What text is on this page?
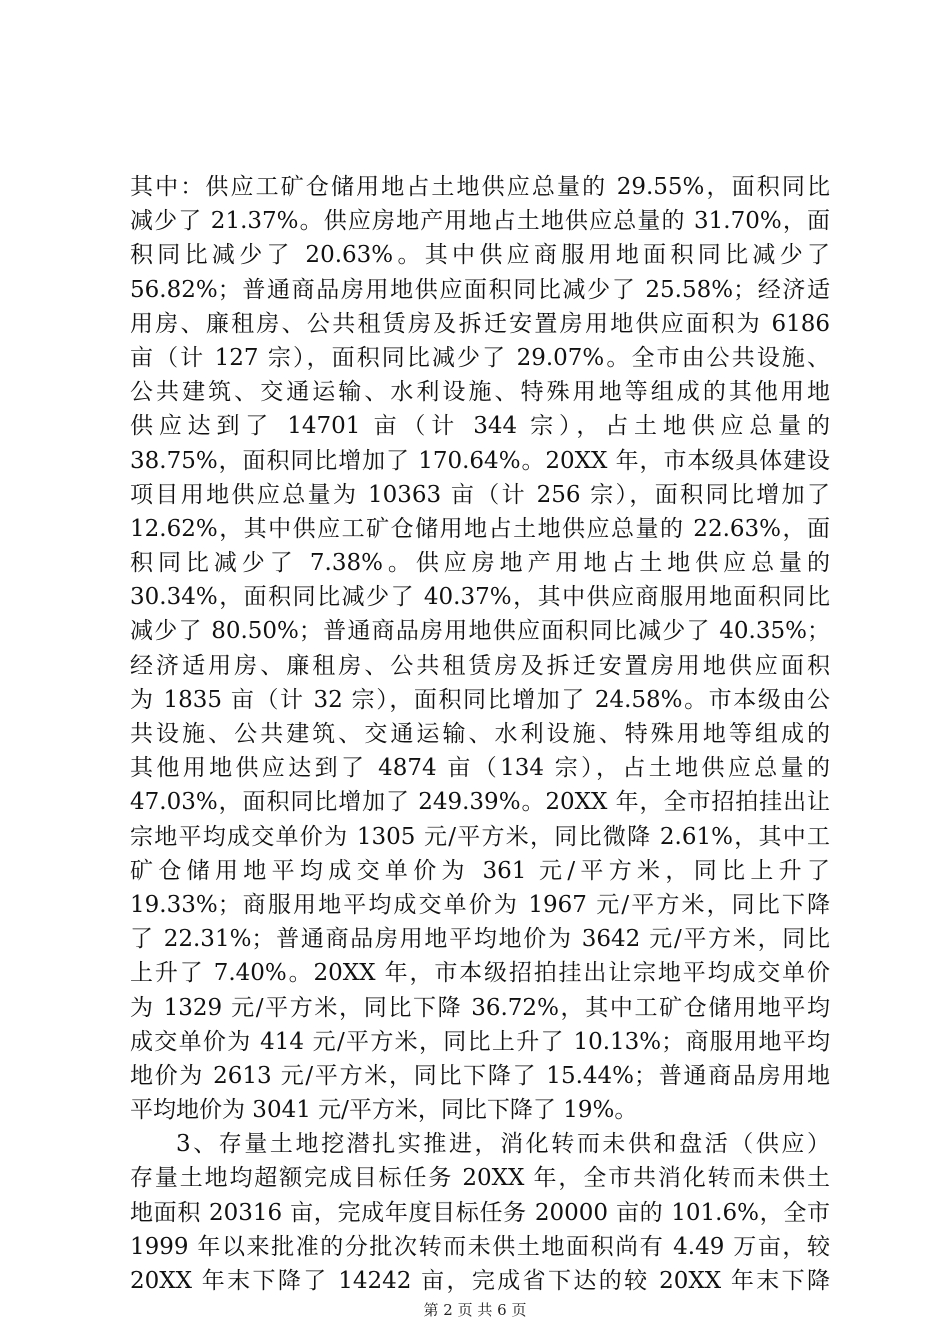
其中：供应工矿仓储用地占土地供应总量的 29.55%，面积同比
减少了 21.37%。供应房地产用地占土地供应总量的 31.70%，面
积同比减少了 20.63%。其中供应商服用地面积同比减少了
56.82%；普通商品房用地供应面积同比减少了 25.58%；经济适
用房、廉租房、公共租赁房及拆迁安置房用地供应面积为 6186
亩（计 127 宗），面积同比减少了 29.07%。全市由公共设施、
公共建筑、交通运输、水利设施、特殊用地等组成的其他用地
供应达到了 14701 亩（计 344 宗），占土地供应总量的
38.75%，面积同比增加了 170.64%。20XX 年，市本级具体建设
项目用地供应总量为 10363 亩（计 256 宗），面积同比增加了
12.62%，其中供应工矿仓储用地占土地供应总量的 22.63%，面
积同比减少了 7.38%。供应房地产用地占土地供应总量的
30.34%，面积同比减少了 40.37%，其中供应商服用地面积同比
减少了 80.50%；普通商品房用地供应面积同比减少了 40.35%；
经济适用房、廉租房、公共租赁房及拆迁安置房用地供应面积
为 1835 亩（计 32 宗），面积同比增加了 24.58%。市本级由公
共设施、公共建筑、交通运输、水利设施、特殊用地等组成的
其他用地供应达到了 4874 亩（134 宗），占土地供应总量的
47.03%，面积同比增加了 249.39%。20XX 年，全市招拍挂出让
宗地平均成交单价为 1305 元/平方米，同比微降 2.61%，其中工
矿仓储用地平均成交单价为 361 元/平方米，同比上升了
19.33%；商服用地平均成交单价为 1967 元/平方米，同比下降
了 22.31%；普通商品房用地平均地价为 3642 元/平方米，同比
上升了 7.40%。20XX 年，市本级招拍挂出让宗地平均成交单价
为 1329 元/平方米，同比下降 36.72%，其中工矿仓储用地平均
成交单价为 414 元/平方米，同比上升了 10.13%；商服用地平均
地价为 2613 元/平方米，同比下降了 15.44%；普通商品房用地
平均地价为 3041 元/平方米，同比下降了 19%。
3、存量土地挖潜扎实推进，消化转而未供和盘活（供应）
存量土地均超额完成目标任务 20XX 年，全市共消化转而未供土
地面积 20316 亩，完成年度目标任务 20000 亩的 101.6%，全市
1999 年以来批准的分批次转而未供土地面积尚有 4.49 万亩，较
20XX 年末下降了 14242 亩，完成省下达的较 20XX 年末下降
第 2 页 共 6 页
